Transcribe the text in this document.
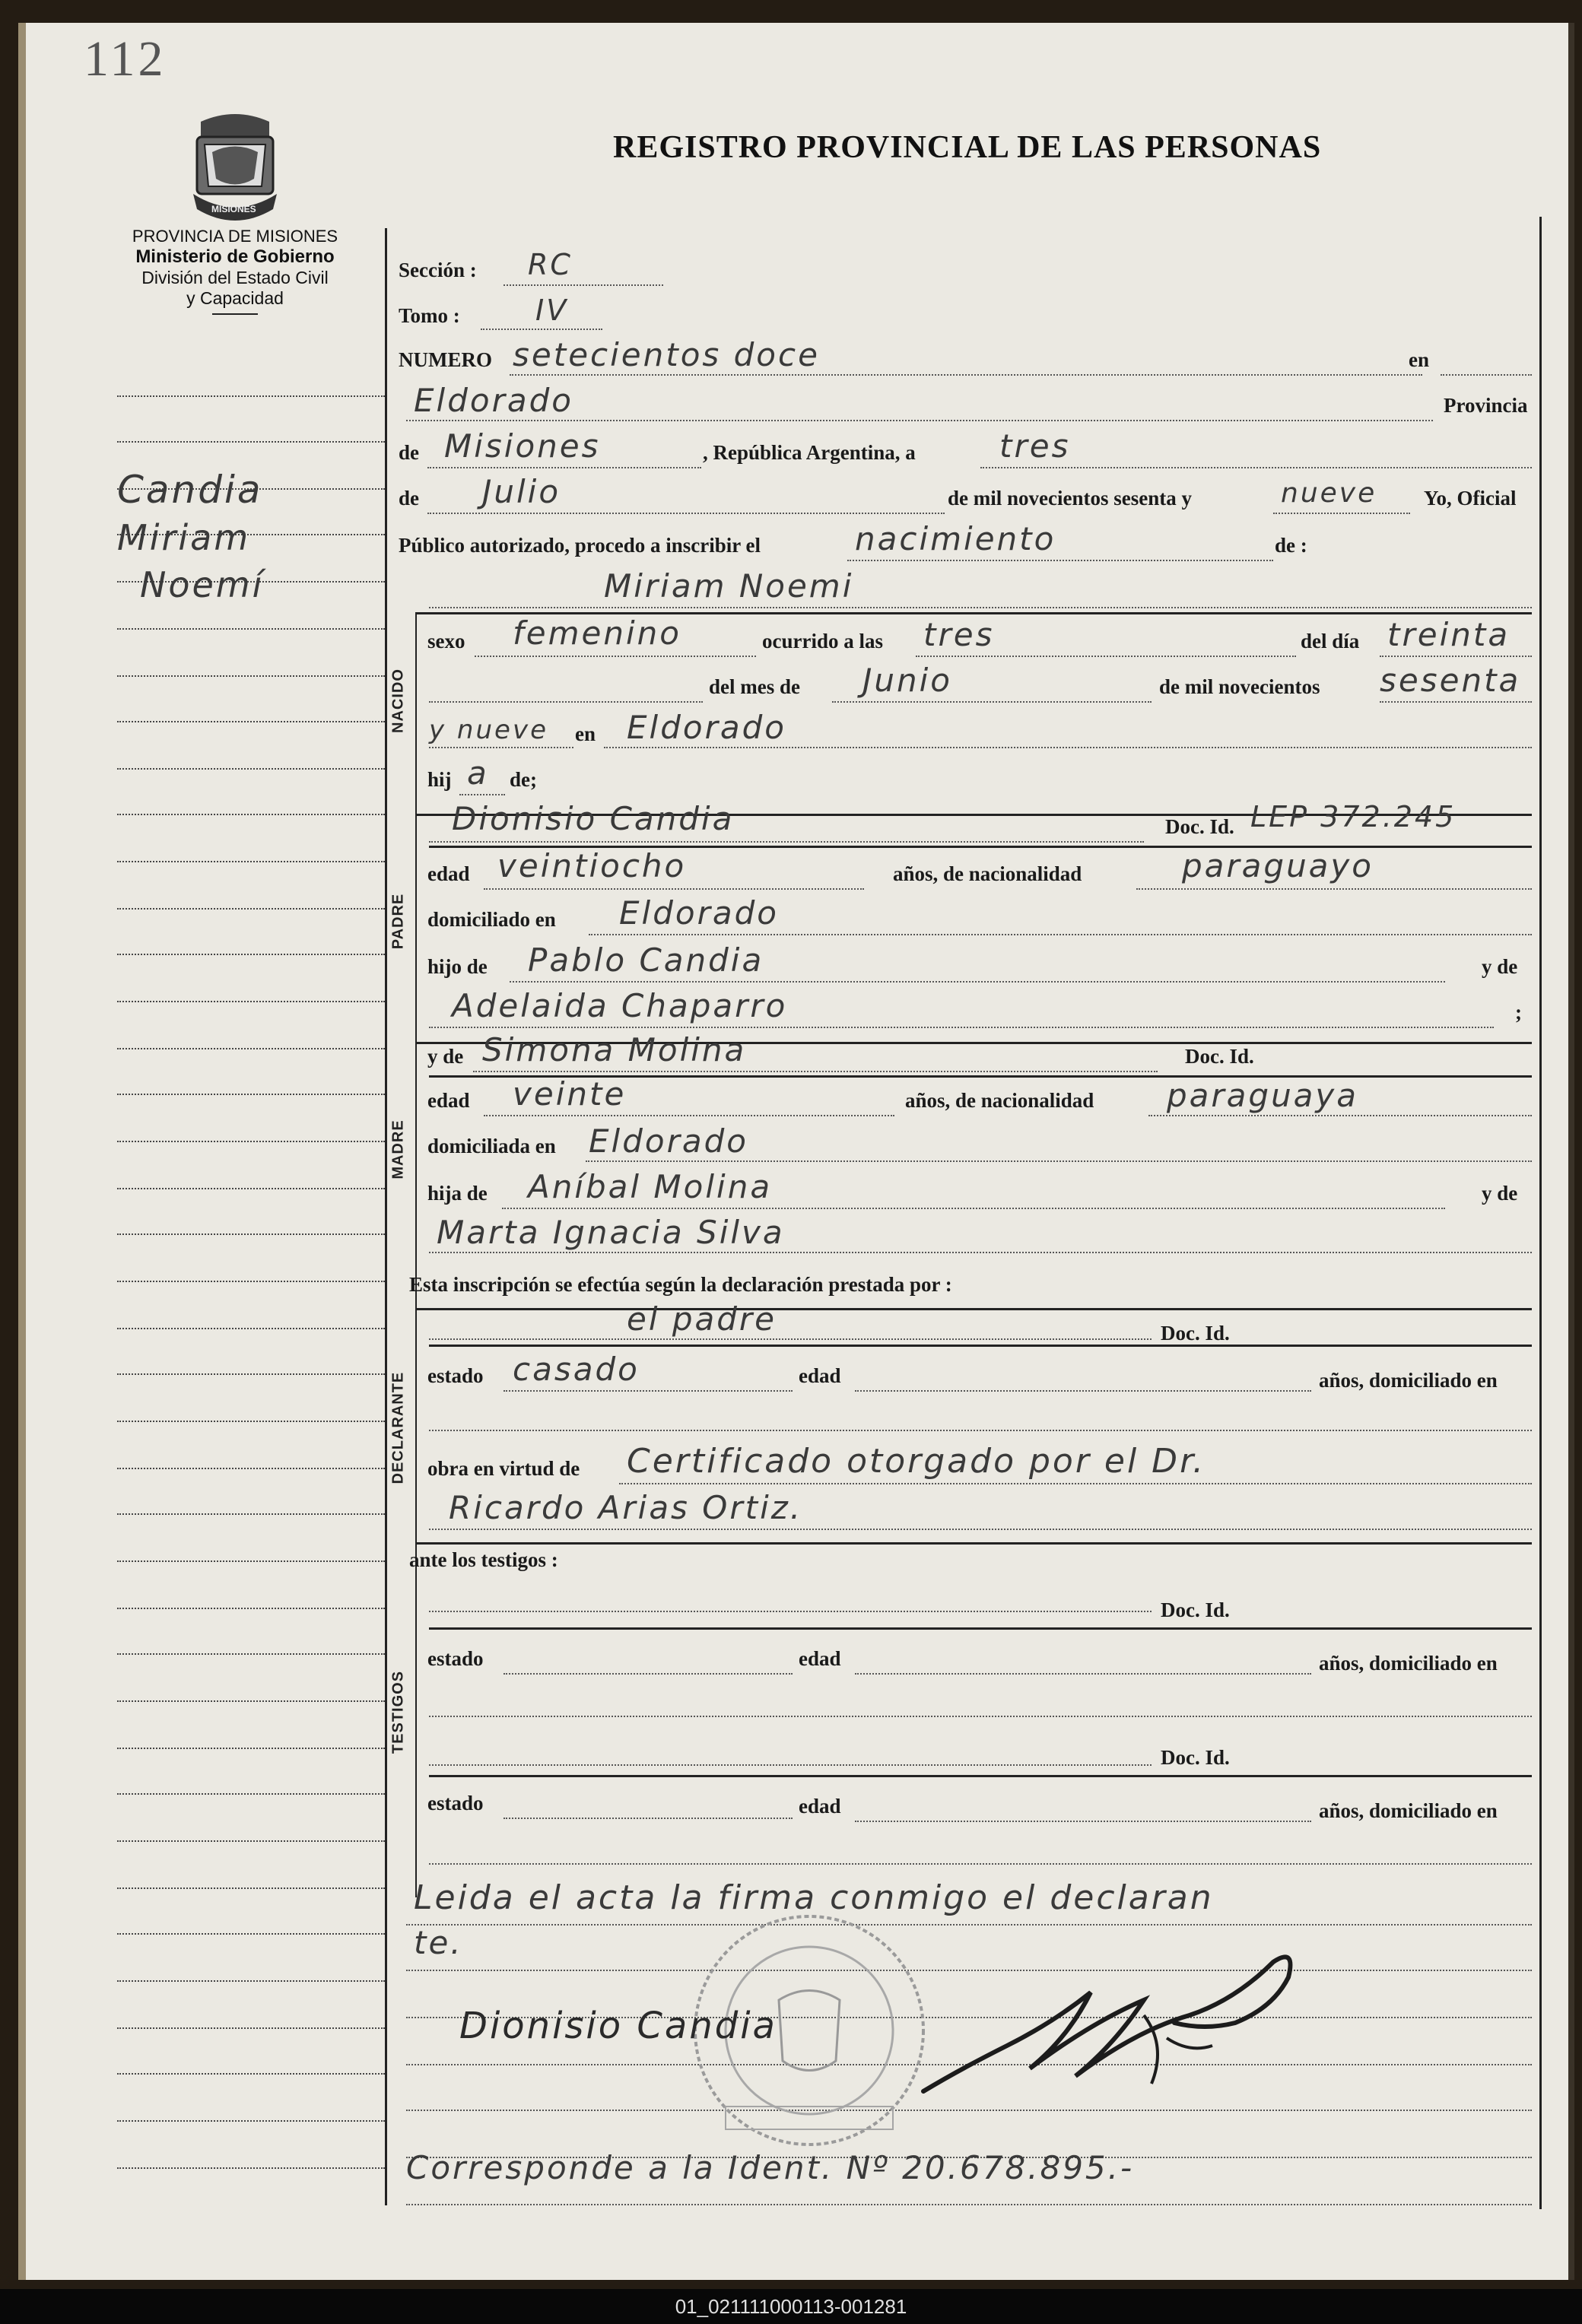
112
REGISTRO PROVINCIAL DE LAS PERSONAS
MISIONES
PROVINCIA DE MISIONES
Ministerio de Gobierno
División del Estado Civil
y Capacidad
Candia
Miriam
Noemí
Sección : RC
Tomo :	IV
NUMERO setecientos doce	en
Eldorado	Provincia
de Misiones	, República Argentina, a	tres
de Julio	de mil novecientos sesenta y	nueve Yo, Oficial
Público autorizado, procedo a inscribir el	nacimiento	de :
NACIDO
Miriam Noemi
sexo femenino	ocurrido a las tres	del día treinta
del mes de Junio	de mil novecientos sesenta
y nueve en Eldorado
hij a de;
PADRE
Dionisio Candia	Doc. Id. LEP 372.245
edad veintiocho	años, de nacionalidad	paraguayo
domiciliado en Eldorado
hijo de Pablo Candia	y de
Adelaida Chaparro	;
MADRE
y de Simona Molina	Doc. Id.
edad veinte	años, de nacionalidad paraguaya
domiciliada en Eldorado
hija de Aníbal Molina	y de
Marta Ignacia Silva
Esta inscripción se efectúa según la declaración prestada por :
DECLARANTE
el padre	Doc. Id.
estado casado	edad	años, domiciliado en
obra en virtud de Certificado otorgado por el Dr.
Ricardo Arias Ortiz.
ante los testigos :
TESTIGOS
Doc. Id.
estado	edad	años, domiciliado en
Doc. Id.
estado	edad	años, domiciliado en
Leida el acta la firma conmigo el declaran
te.
Dionisio Candia
Corresponde a la Ident. Nº 20.678.895.-
01_021111000113-001281
